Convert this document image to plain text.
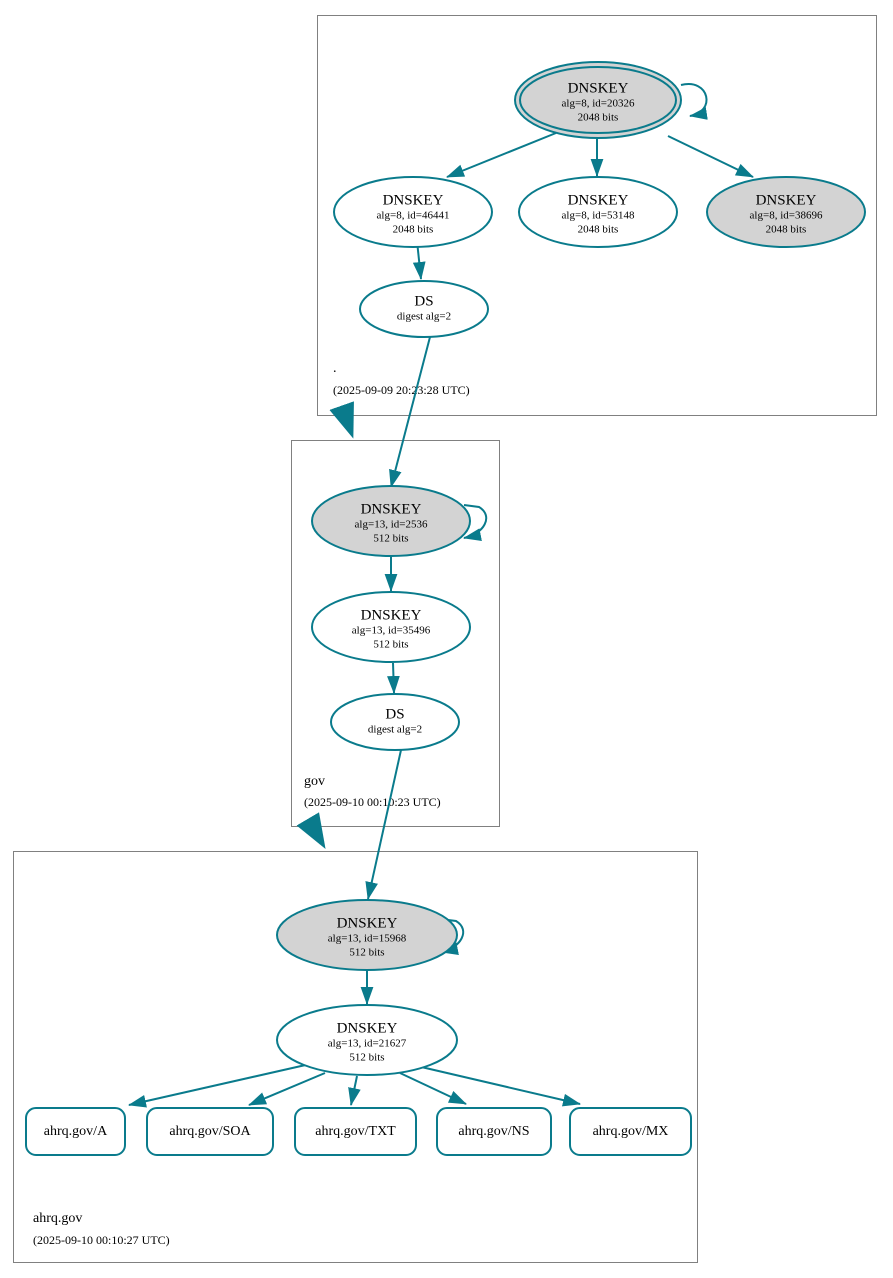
DNSKEY
alg=8, id=20326
2048 bits
DNSKEY
alg=8, id=46441
2048 bits
DNSKEY
alg=8, id=53148
2048 bits
DNSKEY
alg=8, id=38696
2048 bits
DS
digest alg=2
.
(2025-09-09 20:23:28 UTC)
DNSKEY
alg=13, id=2536
512 bits
DNSKEY
alg=13, id=35496
512 bits
DS
digest alg=2
gov
(2025-09-10 00:10:23 UTC)
DNSKEY
alg=13, id=15968
512 bits
DNSKEY
alg=13, id=21627
512 bits
ahrq.gov/A	ahrq.gov/SOA	ahrq.gov/TXT	ahrq.gov/NS	ahrq.gov/MX
ahrq.gov
(2025-09-10 00:10:27 UTC)
